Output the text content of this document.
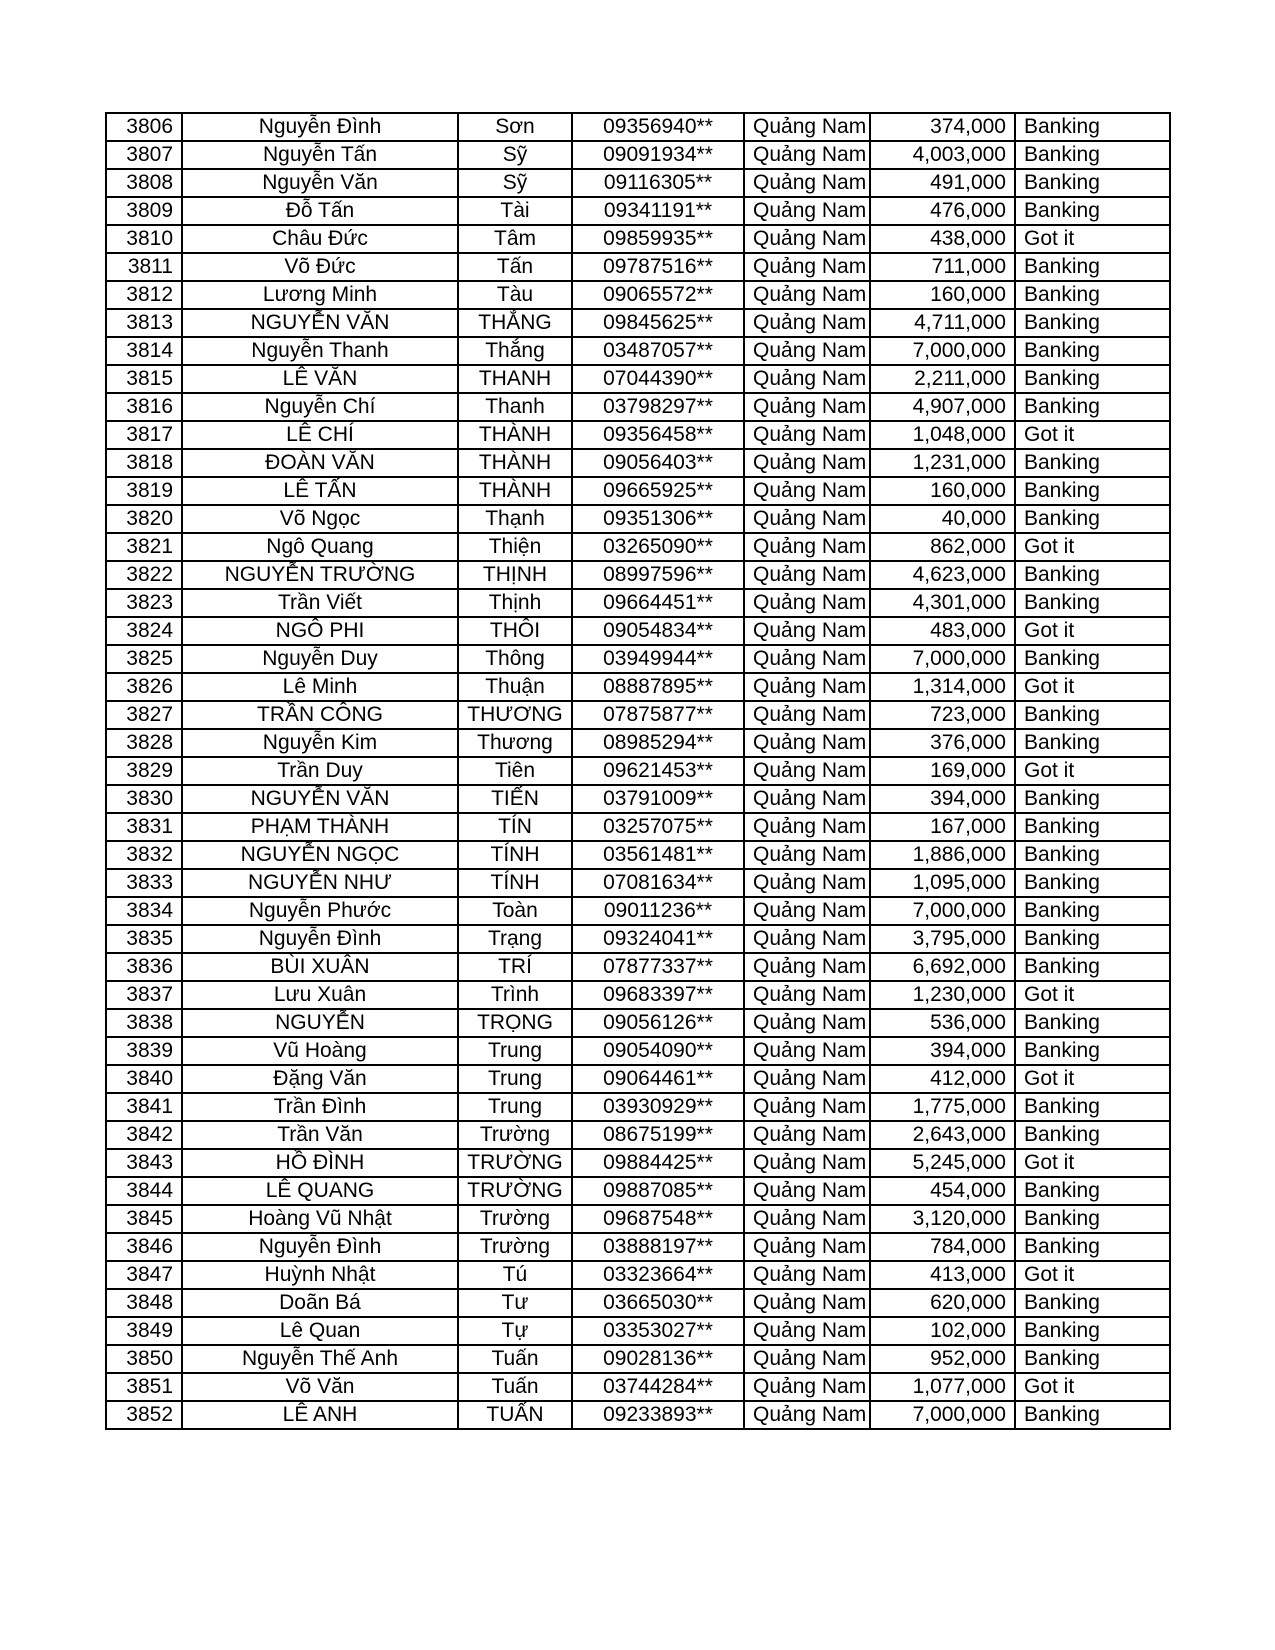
3806	Nguyễn Đình	Sơn	09356940**	Quảng Nam	374,000	Banking
3807	Nguyễn Tấn	Sỹ	09091934**	Quảng Nam	4,003,000	Banking
3808	Nguyễn Văn	Sỹ	09116305**	Quảng Nam	491,000	Banking
3809	Đỗ Tấn	Tài	09341191**	Quảng Nam	476,000	Banking
3810	Châu Đức	Tâm	09859935**	Quảng Nam	438,000	Got it
3811	Võ Đức	Tấn	09787516**	Quảng Nam	711,000	Banking
3812	Lương Minh	Tàu	09065572**	Quảng Nam	160,000	Banking
3813	NGUYỄN VĂN	THẮNG	09845625**	Quảng Nam	4,711,000	Banking
3814	Nguyễn Thanh	Thắng	03487057**	Quảng Nam	7,000,000	Banking
3815	LÊ VĂN	THANH	07044390**	Quảng Nam	2,211,000	Banking
3816	Nguyễn Chí	Thanh	03798297**	Quảng Nam	4,907,000	Banking
3817	LÊ CHÍ	THÀNH	09356458**	Quảng Nam	1,048,000	Got it
3818	ĐOÀN VĂN	THÀNH	09056403**	Quảng Nam	1,231,000	Banking
3819	LÊ TẤN	THÀNH	09665925**	Quảng Nam	160,000	Banking
3820	Võ Ngọc	Thạnh	09351306**	Quảng Nam	40,000	Banking
3821	Ngô Quang	Thiện	03265090**	Quảng Nam	862,000	Got it
3822	NGUYỄN TRƯỜNG	THỊNH	08997596**	Quảng Nam	4,623,000	Banking
3823	Trần Viết	Thịnh	09664451**	Quảng Nam	4,301,000	Banking
3824	NGÔ PHI	THÔI	09054834**	Quảng Nam	483,000	Got it
3825	Nguyễn Duy	Thông	03949944**	Quảng Nam	7,000,000	Banking
3826	Lê Minh	Thuận	08887895**	Quảng Nam	1,314,000	Got it
3827	TRẦN CÔNG	THƯƠNG	07875877**	Quảng Nam	723,000	Banking
3828	Nguyễn Kim	Thương	08985294**	Quảng Nam	376,000	Banking
3829	Trần Duy	Tiên	09621453**	Quảng Nam	169,000	Got it
3830	NGUYỄN VĂN	TIẾN	03791009**	Quảng Nam	394,000	Banking
3831	PHẠM THÀNH	TÍN	03257075**	Quảng Nam	167,000	Banking
3832	NGUYỄN NGỌC	TÍNH	03561481**	Quảng Nam	1,886,000	Banking
3833	NGUYỄN NHƯ	TÍNH	07081634**	Quảng Nam	1,095,000	Banking
3834	Nguyễn Phước	Toàn	09011236**	Quảng Nam	7,000,000	Banking
3835	Nguyễn Đình	Trạng	09324041**	Quảng Nam	3,795,000	Banking
3836	BÙI XUÂN	TRÍ	07877337**	Quảng Nam	6,692,000	Banking
3837	Lưu Xuân	Trình	09683397**	Quảng Nam	1,230,000	Got it
3838	NGUYỄN	TRỌNG	09056126**	Quảng Nam	536,000	Banking
3839	Vũ Hoàng	Trung	09054090**	Quảng Nam	394,000	Banking
3840	Đặng Văn	Trung	09064461**	Quảng Nam	412,000	Got it
3841	Trần Đình	Trung	03930929**	Quảng Nam	1,775,000	Banking
3842	Trần Văn	Trường	08675199**	Quảng Nam	2,643,000	Banking
3843	HỒ ĐÌNH	TRƯỜNG	09884425**	Quảng Nam	5,245,000	Got it
3844	LÊ QUANG	TRƯỜNG	09887085**	Quảng Nam	454,000	Banking
3845	Hoàng Vũ Nhật	Trường	09687548**	Quảng Nam	3,120,000	Banking
3846	Nguyễn Đình	Trường	03888197**	Quảng Nam	784,000	Banking
3847	Huỳnh Nhật	Tú	03323664**	Quảng Nam	413,000	Got it
3848	Doãn Bá	Tư	03665030**	Quảng Nam	620,000	Banking
3849	Lê Quan	Tự	03353027**	Quảng Nam	102,000	Banking
3850	Nguyễn Thế Anh	Tuấn	09028136**	Quảng Nam	952,000	Banking
3851	Võ Văn	Tuấn	03744284**	Quảng Nam	1,077,000	Got it
3852	LÊ ANH	TUẤN	09233893**	Quảng Nam	7,000,000	Banking
